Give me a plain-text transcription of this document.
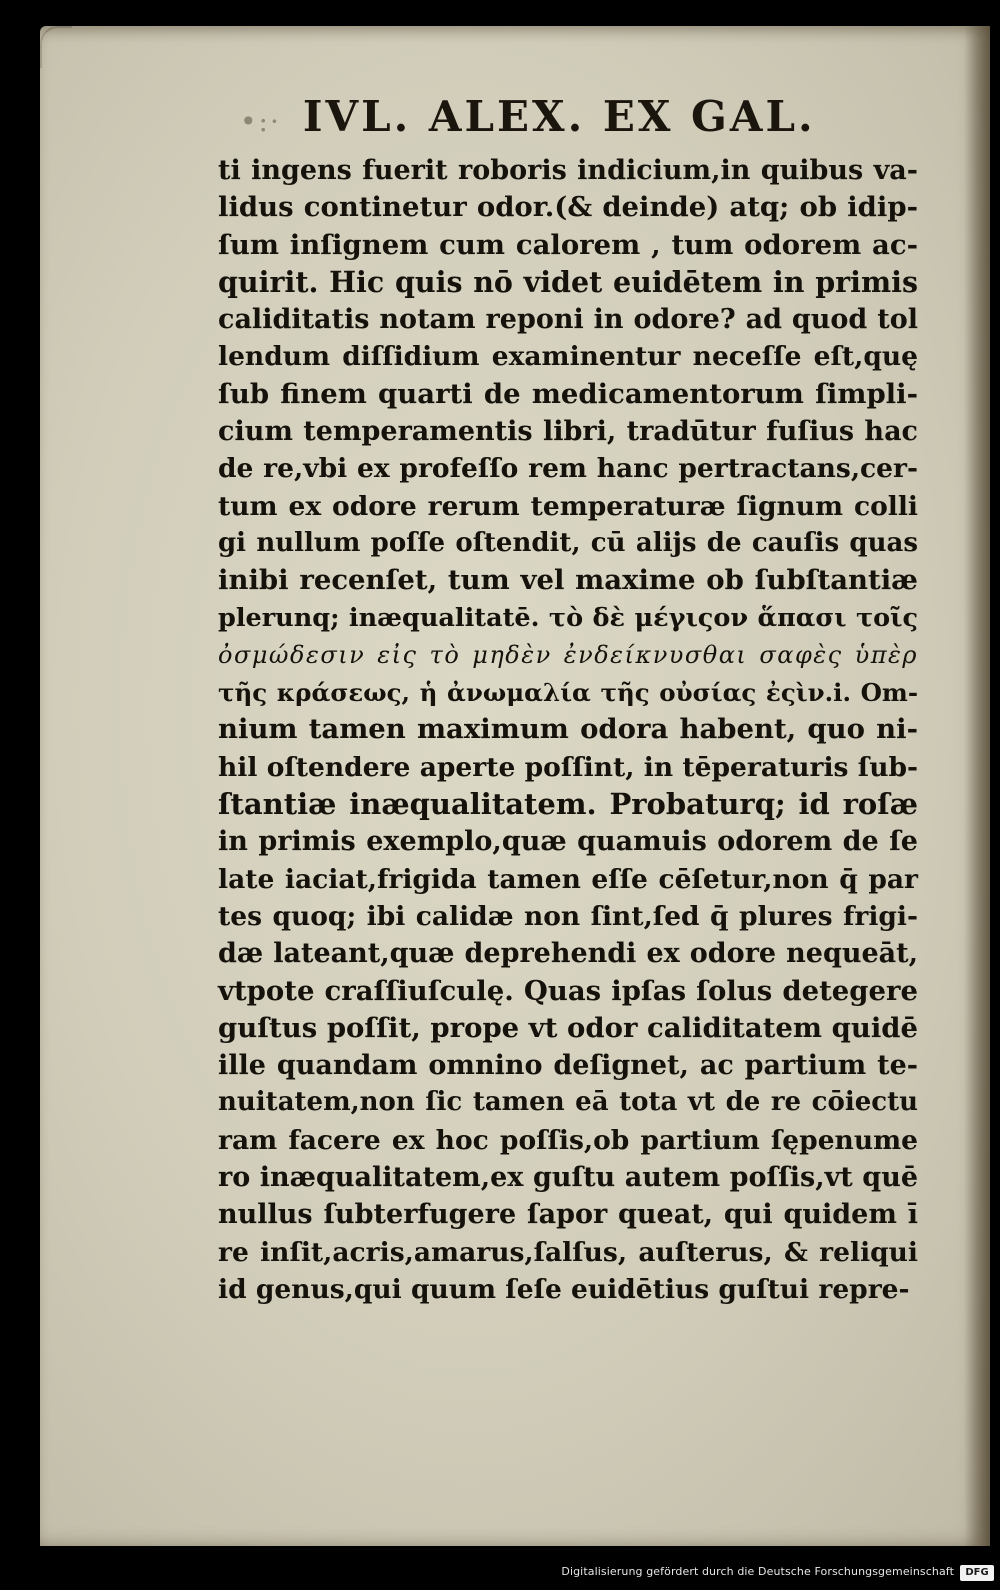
•:· IVL. ALEX. EX GAL.
ti ingens fuerit roboris indicium,in quibus va-
lidus continetur odor.(& deinde) atq; ob idip-
ſum inſignem cum calorem , tum odorem ac-
quirit. Hic quis nō videt euidētem in primis
caliditatis notam reponi in odore? ad quod tol
lendum diſſidium examinentur neceſſe eſt,quę
ſub finem quarti de medicamentorum ſimpli-
cium temperamentis libri, tradūtur fuſius hac
de re,vbi ex profeſſo rem hanc pertractans,cer-
tum ex odore rerum temperaturæ ſignum colli
gi nullum poſſe oſtendit, cū alijs de cauſis quas
inibi recenſet, tum vel maxime ob ſubſtantiæ
plerunq; inæqualitatē. τὸ δὲ μέγιςον ἅπασι τοῖς
ὀσμώδεσιν εἰς τὸ μηδὲν ἐνδείκνυσθαι σαφὲς ὑπὲρ
τῆς κράσεως, ἡ ἀνωμαλία τῆς οὐσίας ἐςὶν.i. Om-
nium tamen maximum odora habent, quo ni-
hil oſtendere aperte poſſint, in tēperaturis ſub-
ſtantiæ inæqualitatem. Probaturq; id roſæ
in primis exemplo,quæ quamuis odorem de ſe
late iaciat,frigida tamen eſſe cēſetur,non q̄ par
tes quoq; ibi calidæ non ſint,ſed q̄ plures frigi-
dæ lateant,quæ deprehendi ex odore nequeāt,
vtpote craſſiuſculę. Quas ipſas ſolus detegere
guſtus poſſit, prope vt odor caliditatem quidē
ille quandam omnino deſignet, ac partium te-
nuitatem,non ſic tamen eā tota vt de re cōiectu
ram facere ex hoc poſſis,ob partium ſępenume
ro inæqualitatem,ex guſtu autem poſſis,vt quē
nullus ſubterfugere ſapor queat, qui quidem ī
re inſit,acris,amarus,ſalſus, auſterus, & reliqui
id genus,qui quum ſeſe euidētius guſtui repre-
Digitalisierung gefördert durch die Deutsche Forschungsgemeinschaft	DFG
